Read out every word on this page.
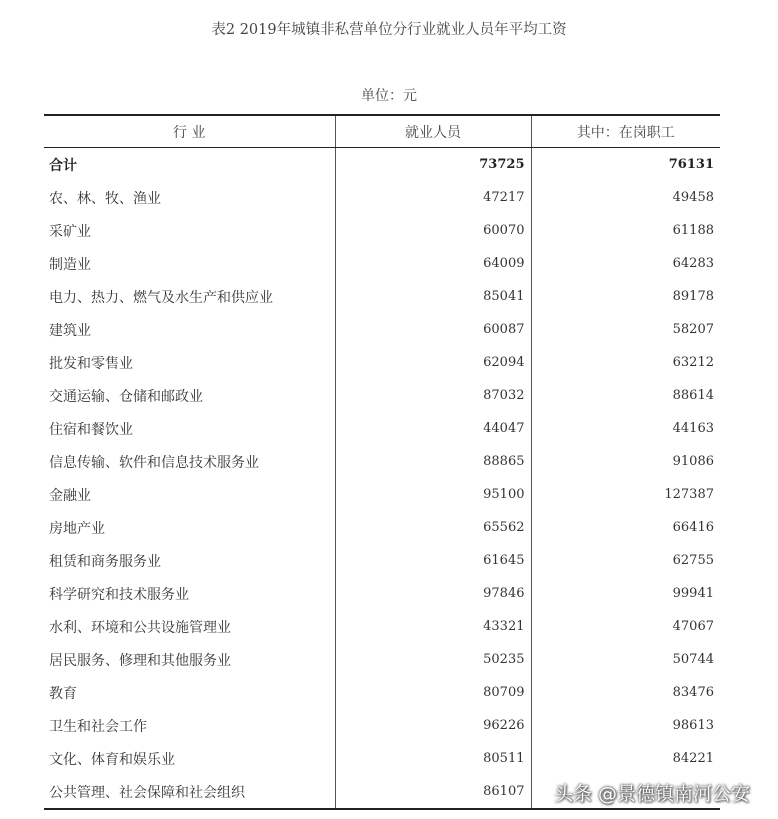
表2 2019年城镇非私营单位分行业就业人员年平均工资
单位：元
行 业	就业人员	其中：在岗职工
合计	73725	76131
农、林、牧、渔业	47217	49458
采矿业	60070	61188
制造业	64009	64283
电力、热力、燃气及水生产和供应业	85041	89178
建筑业	60087	58207
批发和零售业	62094	63212
交通运输、仓储和邮政业	87032	88614
住宿和餐饮业	44047	44163
信息传输、软件和信息技术服务业	88865	91086
金融业	95100	127387
房地产业	65562	66416
租赁和商务服务业	61645	62755
科学研究和技术服务业	97846	99941
水利、环境和公共设施管理业	43321	47067
居民服务、修理和其他服务业	50235	50744
教育	80709	83476
卫生和社会工作	96226	98613
文化、体育和娱乐业	80511	84221
公共管理、社会保障和社会组织	86107	头条 @景德镇南河公安
